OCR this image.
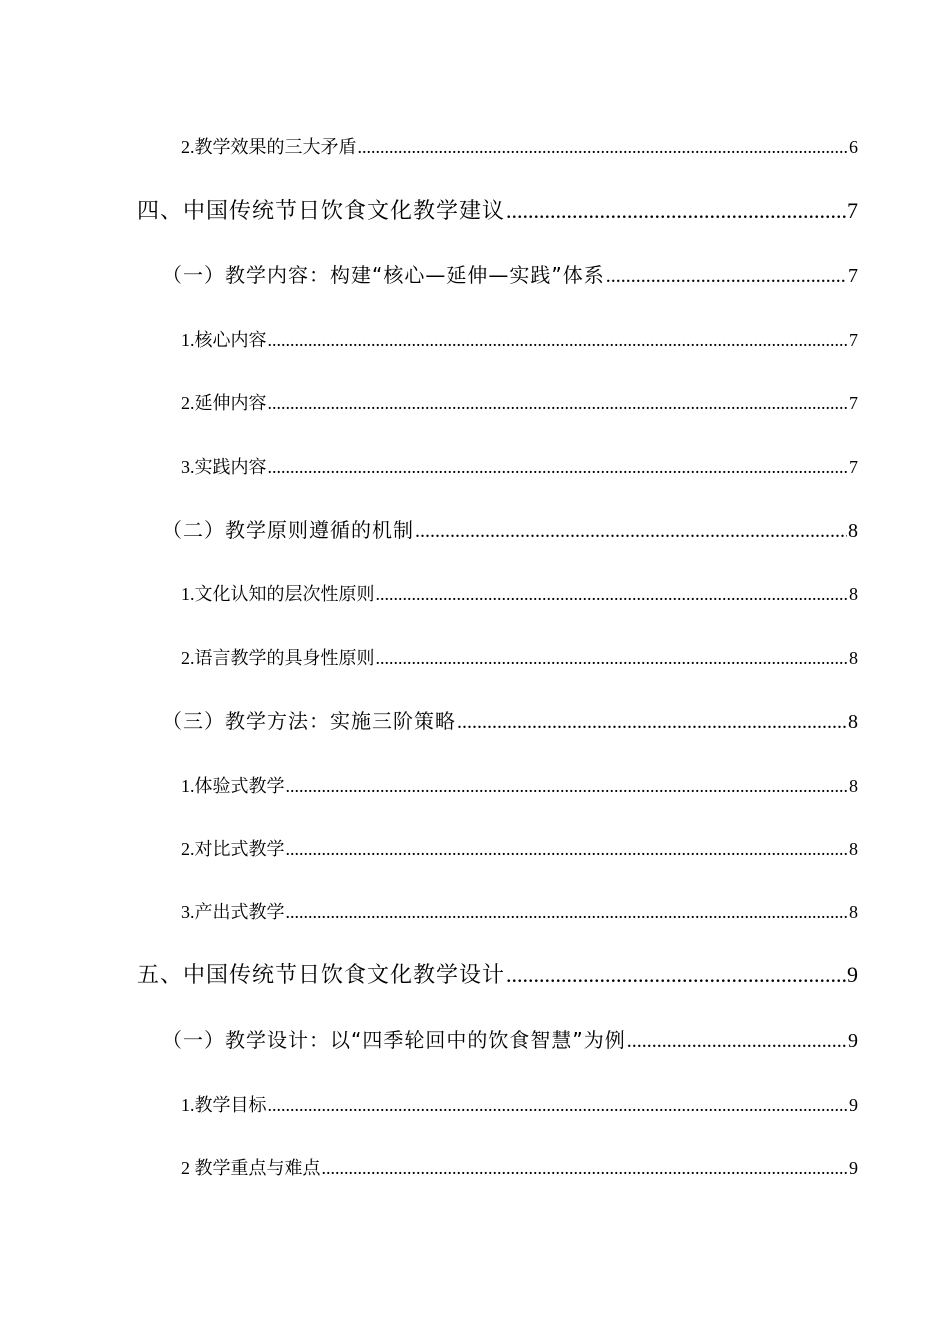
2.教学效果的三大矛盾 .....	6
四、中国传统节日饮食文化教学建议 .....	7
（一）教学内容：构建“核心—延伸—实践”体系 .....	7
1.核心内容 .....	7
2.延伸内容 .....	7
3.实践内容 .....	7
（二）教学原则遵循的机制 .....	8
1.文化认知的层次性原则 .....	8
2.语言教学的具身性原则 .....	8
（三）教学方法：实施三阶策略 .....	8
1.体验式教学 .....	8
2.对比式教学 .....	8
3.产出式教学 .....	8
五、中国传统节日饮食文化教学设计 .....	9
（一）教学设计：以“四季轮回中的饮食智慧”为例 .....	9
1.教学目标 .....	9
2 教学重点与难点 .....	9
